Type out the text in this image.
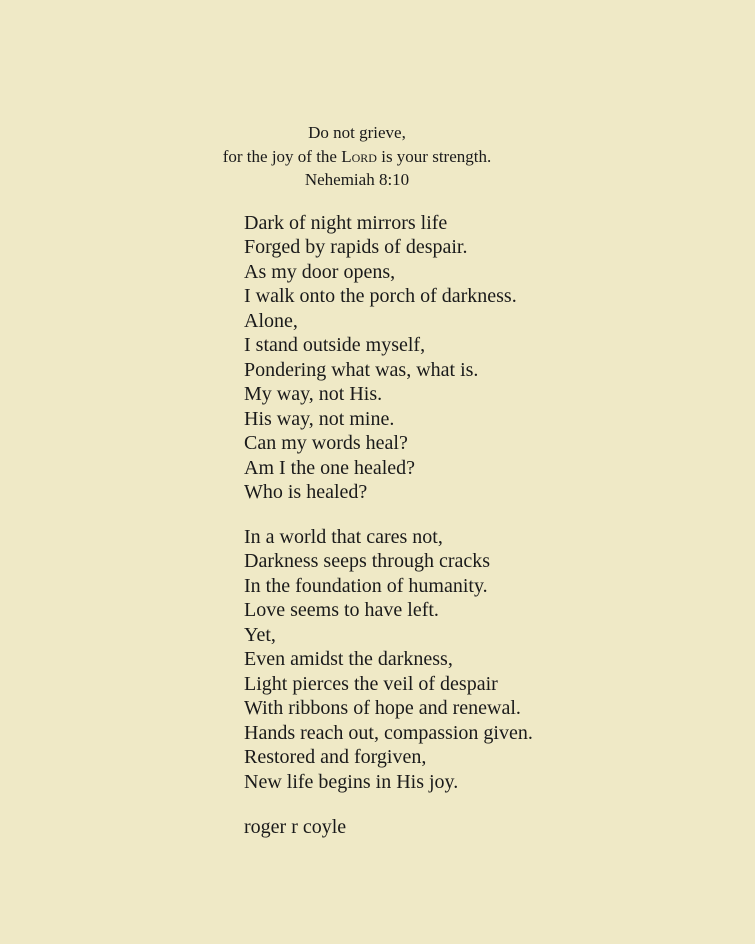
Do not grieve,
for the joy of the Lord is your strength.
Nehemiah 8:10
Dark of night mirrors life
Forged by rapids of despair.
As my door opens,
I walk onto the porch of darkness.
Alone,
I stand outside myself,
Pondering what was, what is.
My way, not His.
His way, not mine.
Can my words heal?
Am I the one healed?
Who is healed?
In a world that cares not,
Darkness seeps through cracks
In the foundation of humanity.
Love seems to have left.
Yet,
Even amidst the darkness,
Light pierces the veil of despair
With ribbons of hope and renewal.
Hands reach out, compassion given.
Restored and forgiven,
New life begins in His joy.
roger r coyle
